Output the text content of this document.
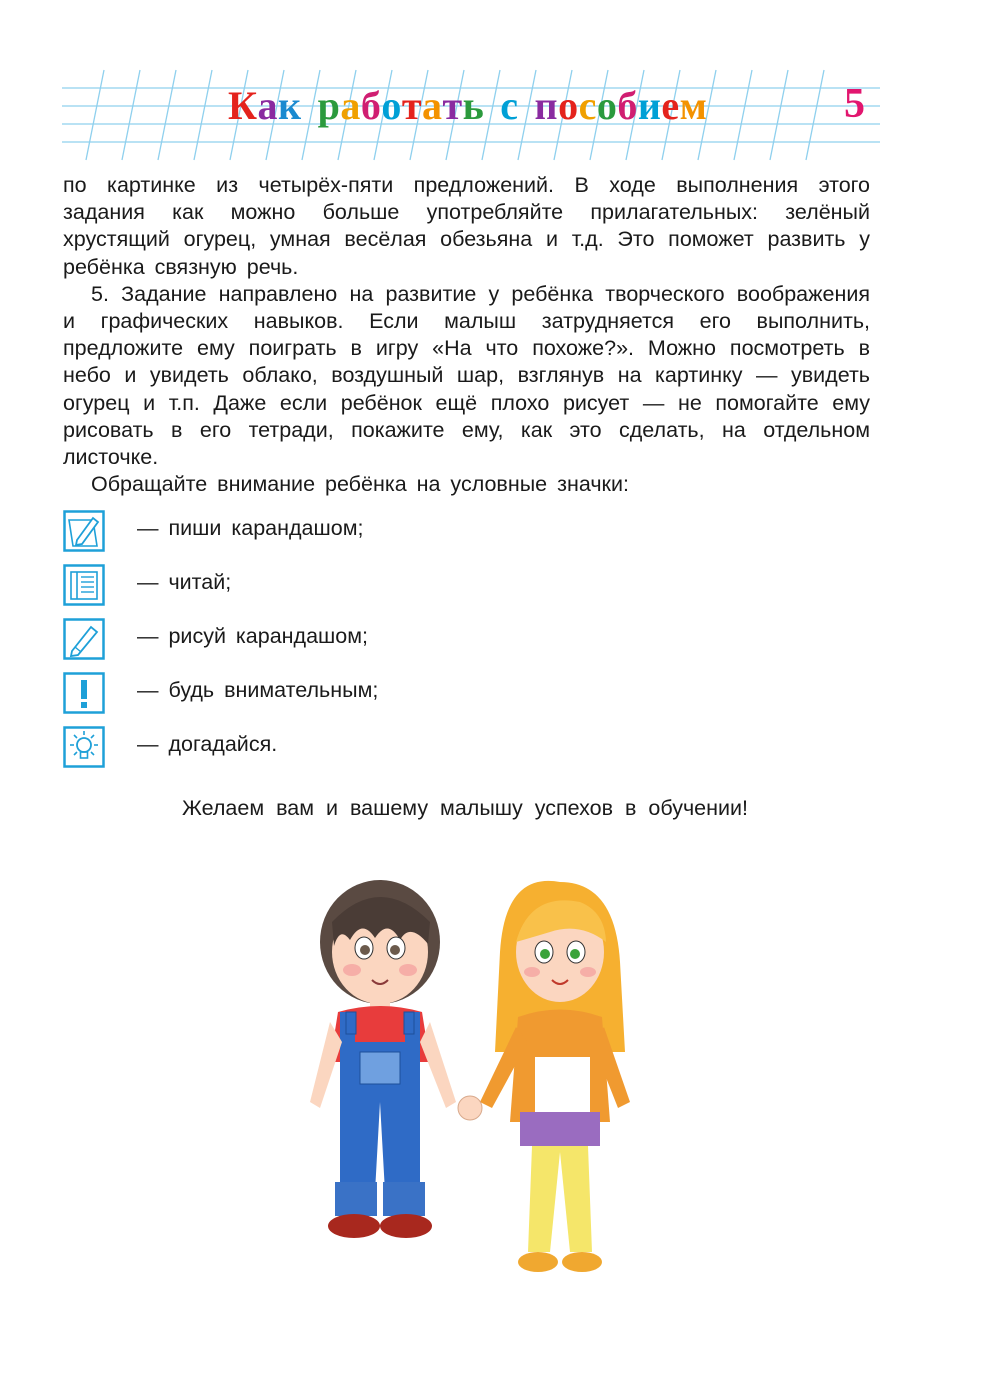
Как работать с пособием	5

по картинке из четырёх-пяти предложений. В ходе выполнения этого задания как можно больше употребляйте прилагательных: зелёный хрустящий огурец, умная весёлая обезьяна и т.д. Это поможет развить у ребёнка связную речь.

5. Задание направлено на развитие у ребёнка творческого воображения и графических навыков. Если малыш затрудняется его выполнить, предложите ему поиграть в игру «На что похоже?». Можно посмотреть в небо и увидеть облако, воздушный шар, взглянув на картинку — увидеть огурец и т.п. Даже если ребёнок ещё плохо рисует — не помогайте ему рисовать в его тетради, покажите ему, как это сделать, на отдельном листочке.

Обращайте внимание ребёнка на условные значки:

— пиши карандашом;
— читай;
— рисуй карандашом;
— будь внимательным;
— догадайся.
Желаем вам и вашему малышу успехов в обучении!
